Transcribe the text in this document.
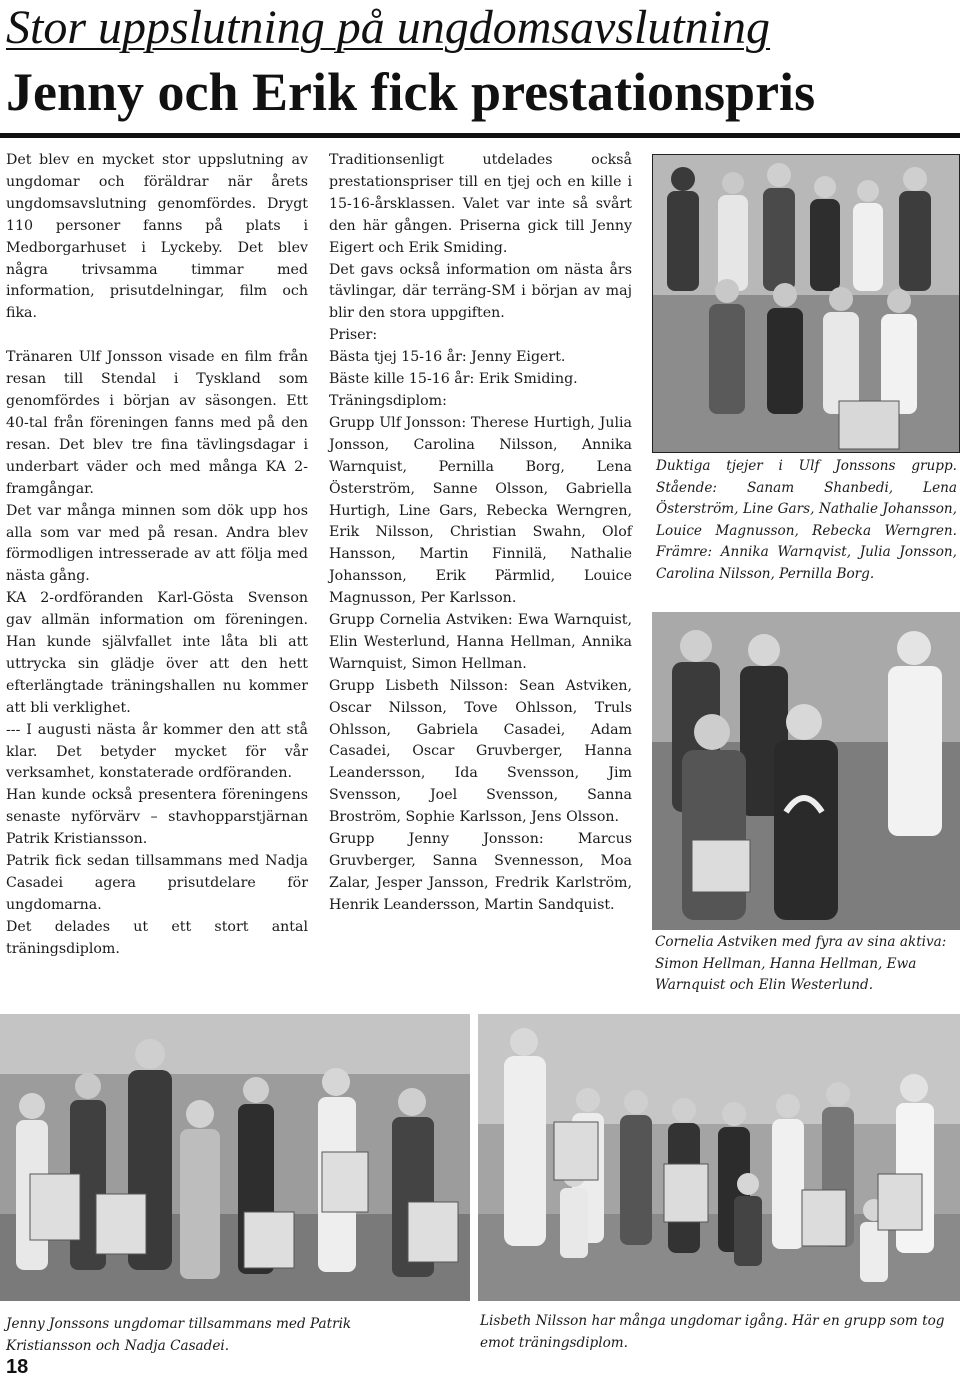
Stor uppslutning på ungdomsavslutning
Jenny och Erik fick prestationspris

Det blev en mycket stor uppslutning av ungdomar och föräldrar när årets ungdomsavslutning genomfördes. Drygt 110 personer fanns på plats i Medborgarhuset i Lyckeby. Det blev några trivsamma timmar med information, prisutdelningar, film och fika.

Tränaren Ulf Jonsson visade en film från resan till Stendal i Tyskland som genomfördes i början av säsongen. Ett 40-tal från föreningen fanns med på den resan. Det blev tre fina tävlingsdagar i underbart väder och med många KA 2-framgångar.

Det var många minnen som dök upp hos alla som var med på resan. Andra blev förmodligen intresserade av att följa med nästa gång.

KA 2-ordföranden Karl-Gösta Svenson gav allmän information om föreningen. Han kunde självfallet inte låta bli att uttrycka sin glädje över att den hett efterlängtade träningshallen nu kommer att bli verklighet.

--- I augusti nästa år kommer den att stå klar. Det betyder mycket för vår verksamhet, konstaterade ordföranden.

Han kunde också presentera föreningens senaste nyförvärv – stavhopparstjärnan Patrik Kristiansson.

Patrik fick sedan tillsammans med Nadja Casadei agera prisutdelare för ungdomarna.

Det delades ut ett stort antal träningsdiplom.

Traditionsenligt utdelades också prestationspriser till en tjej och en kille i 15-16-årsklassen. Valet var inte så svårt den här gången. Priserna gick till Jenny Eigert och Erik Smiding.

Det gavs också information om nästa års tävlingar, där terräng-SM i början av maj blir den stora uppgiften.

Priser:

Bästa tjej 15-16 år: Jenny Eigert.

Bäste kille 15-16 år: Erik Smiding.

Träningsdiplom:

Grupp Ulf Jonsson: Therese Hurtigh, Julia Jonsson, Carolina Nilsson, Annika Warnquist, Pernilla Borg, Lena Österström, Sanne Olsson, Gabriella Hurtigh, Line Gars, Rebecka Werngren, Erik Nilsson, Christian Swahn, Olof Hansson, Martin Finnilä, Nathalie Johansson, Erik Pärmlid, Louice Magnusson, Per Karlsson.

Grupp Cornelia Astviken: Ewa Warnquist, Elin Westerlund, Hanna Hellman, Annika Warnquist, Simon Hellman.

Grupp Lisbeth Nilsson: Sean Astviken, Oscar Nilsson, Tove Ohlsson, Truls Ohlsson, Gabriela Casadei, Adam Casadei, Oscar Gruvberger, Hanna Leandersson, Ida Svensson, Jim Svensson, Joel Svensson, Sanna Broström, Sophie Karlsson, Jens Olsson.

Grupp Jenny Jonsson: Marcus Gruvberger, Sanna Svennesson, Moa Zalar, Jesper Jansson, Fredrik Karlström, Henrik Leandersson, Martin Sandquist.

Duktiga tjejer i Ulf Jonssons grupp. Stående: Sanam Shanbedi, Lena Österström, Line Gars, Nathalie Johansson, Louice Magnusson, Rebecka Werngren. Främre: Annika Warnqvist, Julia Jonsson, Carolina Nilsson, Pernilla Borg.
Cornelia Astviken med fyra av sina aktiva: Simon Hellman, Hanna Hellman, Ewa Warnquist och Elin Westerlund.
Jenny Jonssons ungdomar tillsammans med Patrik Kristiansson och Nadja Casadei.
Lisbeth Nilsson har många ungdomar igång. Här en grupp som tog emot träningsdiplom.
18
